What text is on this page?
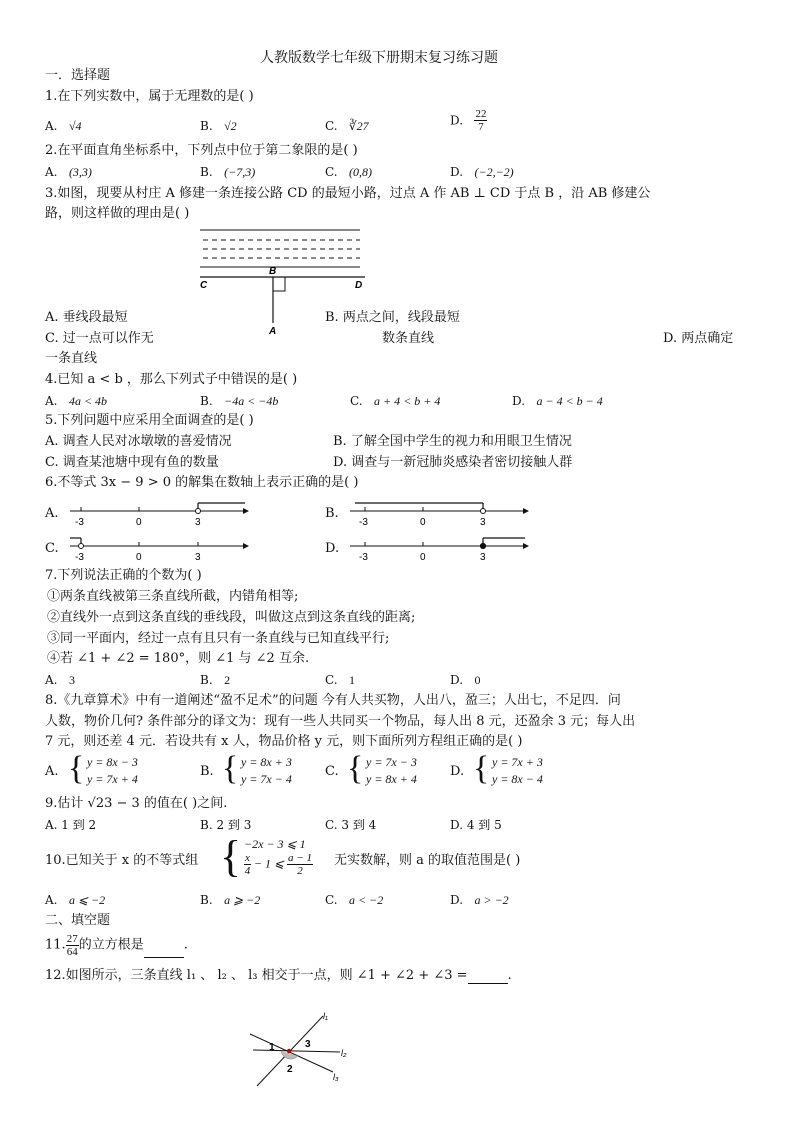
人教版数学七年级下册期末复习练习题
一．选择题
1.在下列实数中，属于无理数的是( )
A. √4	B. √2	C. ∛27	D. $\frac{22}{7}$
2.在平面直角坐标系中，下列点中位于第二象限的是( )
A. (3,3)	B. (−7,3)	C. (0,8)	D. (−2,−2)
3.如图，现要从村庄 A 修建一条连接公路 CD 的最短小路，过点 A 作 AB ⊥ CD 于点 B ，沿 AB 修建公
路，则这样做的理由是( )
B
C	D
A
A. 垂线段最短	B. 两点之间，线段最短
C. 过一点可以作无	数条直线	D. 两点确定
一条直线
4.已知 a < b ，那么下列式子中错误的是( )
A. 4a < 4b	B. −4a < −4b	C. a + 4 < b + 4	D. a − 4 < b − 4
5.下列问题中应采用全面调查的是( )
A. 调查人民对冰墩墩的喜爱情况	B. 了解全国中学生的视力和用眼卫生情况
C. 调查某池塘中现有鱼的数量	D. 调查与一新冠肺炎感染者密切接触人群
6.不等式 3x − 9 > 0 的解集在数轴上表示正确的是( )
A.
-3	0	3
B.
-3	0	3
C.
-3	0	3
D.
-3	0	3
7.下列说法正确的个数为( )
①两条直线被第三条直线所截，内错角相等;
②直线外一点到这条直线的垂线段，叫做这点到这条直线的距离;
③同一平面内，经过一点有且只有一条直线与已知直线平行;
④若 ∠1 + ∠2 = 180°，则 ∠1 与 ∠2 互余.
A. 3	B. 2	C. 1	D. 0
8.《九章算术》中有一道阐述“盈不足术”的问题 今有人共买物，人出八，盈三；人出七，不足四．问
人数，物价几何? 条件部分的译文为：现有一些人共同买一个物品，每人出 8 元，还盈余 3 元；每人出
7 元，则还差 4 元．若设共有 x 人，物品价格 y 元，则下面所列方程组正确的是( )
A. { y = 8x − 3
y = 7x + 4	B. { y = 8x + 3
y = 7x − 4	C. { y = 7x − 3
y = 8x + 4	D. { y = 7x + 3
y = 8x − 4
9.估计 √23 − 3 的值在( )之间.
A. 1 到 2	B. 2 到 3	C. 3 到 4	D. 4 到 5
10.已知关于 x 的不等式组 { −2x − 3 ⩽ 1
$\frac{x}{4} - 1$ ⩽ $\frac{a - 1}{2}$ 无实数解，则 a 的取值范围是( )
A. a ⩽ −2	B. a ⩾ −2	C. a < −2	D. a > −2
二、填空题
11. $\frac{27}{64}$ 的立方根是	.
12.如图所示，三条直线 l₁ 、 l₂ 、 l₃ 相交于一点，则 ∠1 + ∠2 + ∠3 =	.
l₁
l₂
l₃
1
2
3
